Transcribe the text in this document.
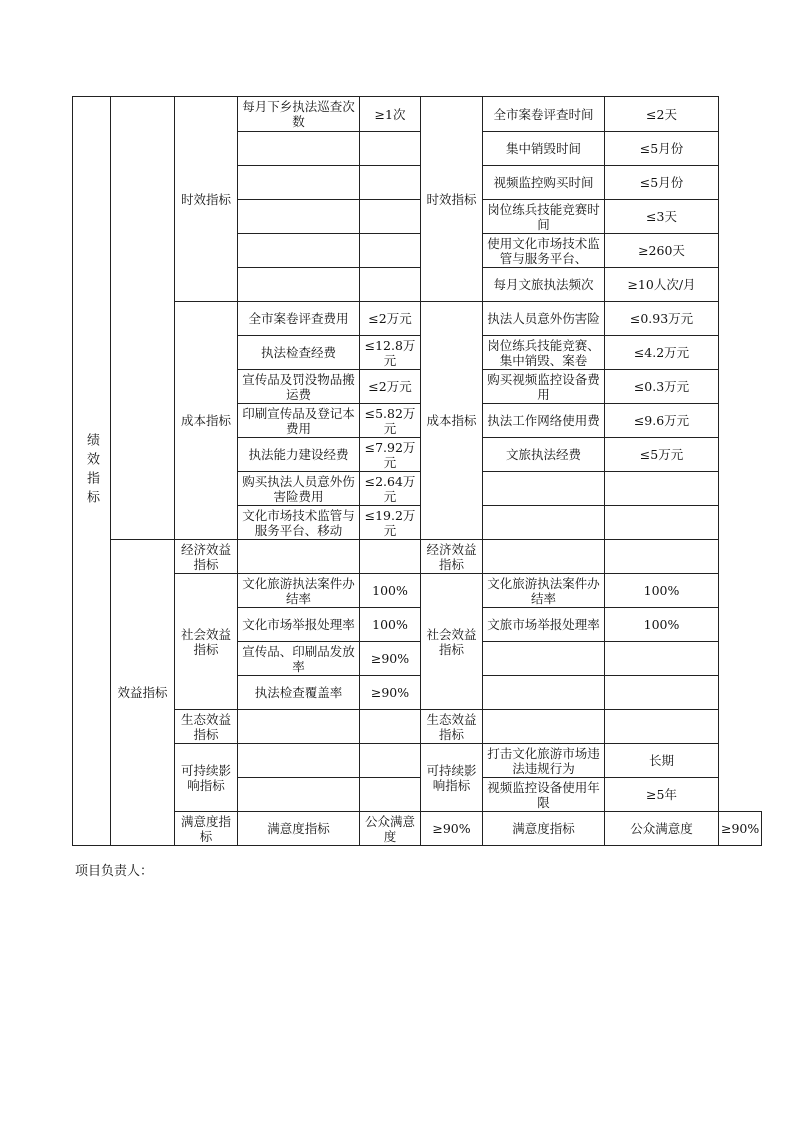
绩效指标		时效指标	每月下乡执法巡查次数	≥1次	时效指标	全市案卷评查时间	≤2天	
						集中销毁时间	≤5月份	
						视频监控购买时间	≤5月份	
						岗位练兵技能竞赛时间	≤3天	
						使用文化市场技术监管与服务平台、	≥260天	
						每月文旅执法频次	≥10人次/月	
		成本指标	全市案卷评查费用	≤2万元	成本指标	执法人员意外伤害险	≤0.93万元	
			执法检查经费	≤12.8万元		岗位练兵技能竞赛、集中销毁、案卷	≤4.2万元	
			宣传品及罚没物品搬运费	≤2万元		购买视频监控设备费用	≤0.3万元	
			印刷宣传品及登记本费用	≤5.82万元		执法工作网络使用费	≤9.6万元	
			执法能力建设经费	≤7.92万元		文旅执法经费	≤5万元	
			购买执法人员意外伤害险费用	≤2.64万元				
			文化市场技术监管与服务平台、移动	≤19.2万元				
	效益指标	经济效益指标			经济效益指标			
		社会效益指标	文化旅游执法案件办结率	100%	社会效益指标	文化旅游执法案件办结率	100%	
			文化市场举报处理率	100%		文旅市场举报处理率	100%	
			宣传品、印刷品发放率	≥90%				
			执法检查覆盖率	≥90%				
		生态效益指标			生态效益指标			
		可持续影响指标			可持续影响指标	打击文化旅游市场违法违规行为	长期	
						视频监控设备使用年限	≥5年	
		满意度指标	满意度指标	公众满意度	≥90%	满意度指标	公众满意度	≥90%
项目负责人：
